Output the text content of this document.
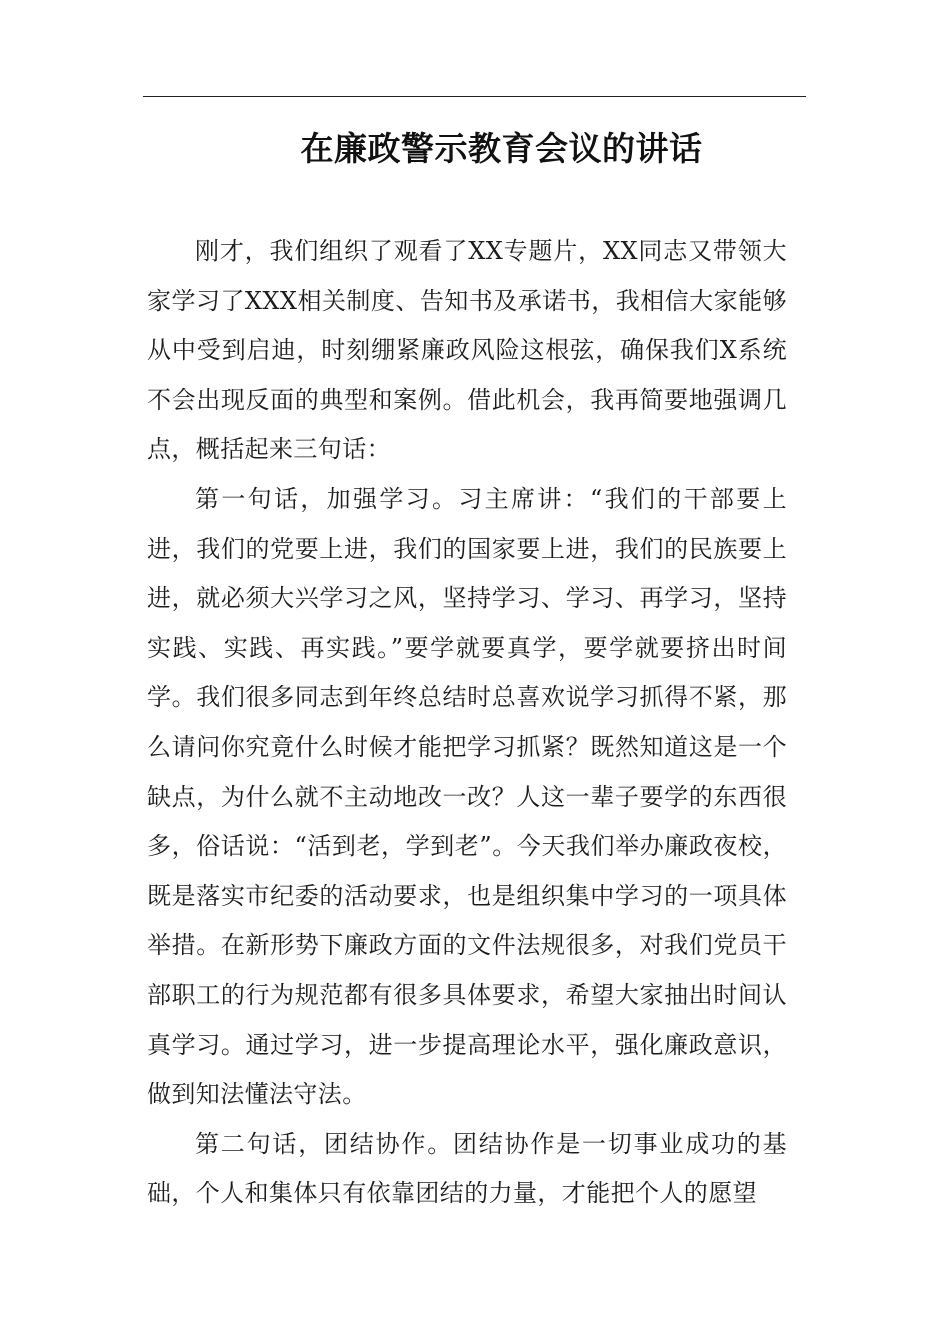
在廉政警示教育会议的讲话

刚才，我们组织了观看了XX专题片，XX同志又带领大家学习了XXX相关制度、告知书及承诺书，我相信大家能够从中受到启迪，时刻绷紧廉政风险这根弦，确保我们X系统不会出现反面的典型和案例。借此机会，我再简要地强调几点，概括起来三句话：

第一句话，加强学习。习主席讲：“我们的干部要上进，我们的党要上进，我们的国家要上进，我们的民族要上进，就必须大兴学习之风，坚持学习、学习、再学习，坚持实践、实践、再实践。”要学就要真学，要学就要挤出时间学。我们很多同志到年终总结时总喜欢说学习抓得不紧，那么请问你究竟什么时候才能把学习抓紧？既然知道这是一个缺点，为什么就不主动地改一改？人这一辈子要学的东西很多，俗话说：“活到老，学到老”。今天我们举办廉政夜校，既是落实市纪委的活动要求，也是组织集中学习的一项具体举措。在新形势下廉政方面的文件法规很多，对我们党员干部职工的行为规范都有很多具体要求，希望大家抽出时间认真学习。通过学习，进一步提高理论水平，强化廉政意识，做到知法懂法守法。

第二句话，团结协作。团结协作是一切事业成功的基础，个人和集体只有依靠团结的力量，才能把个人的愿望
